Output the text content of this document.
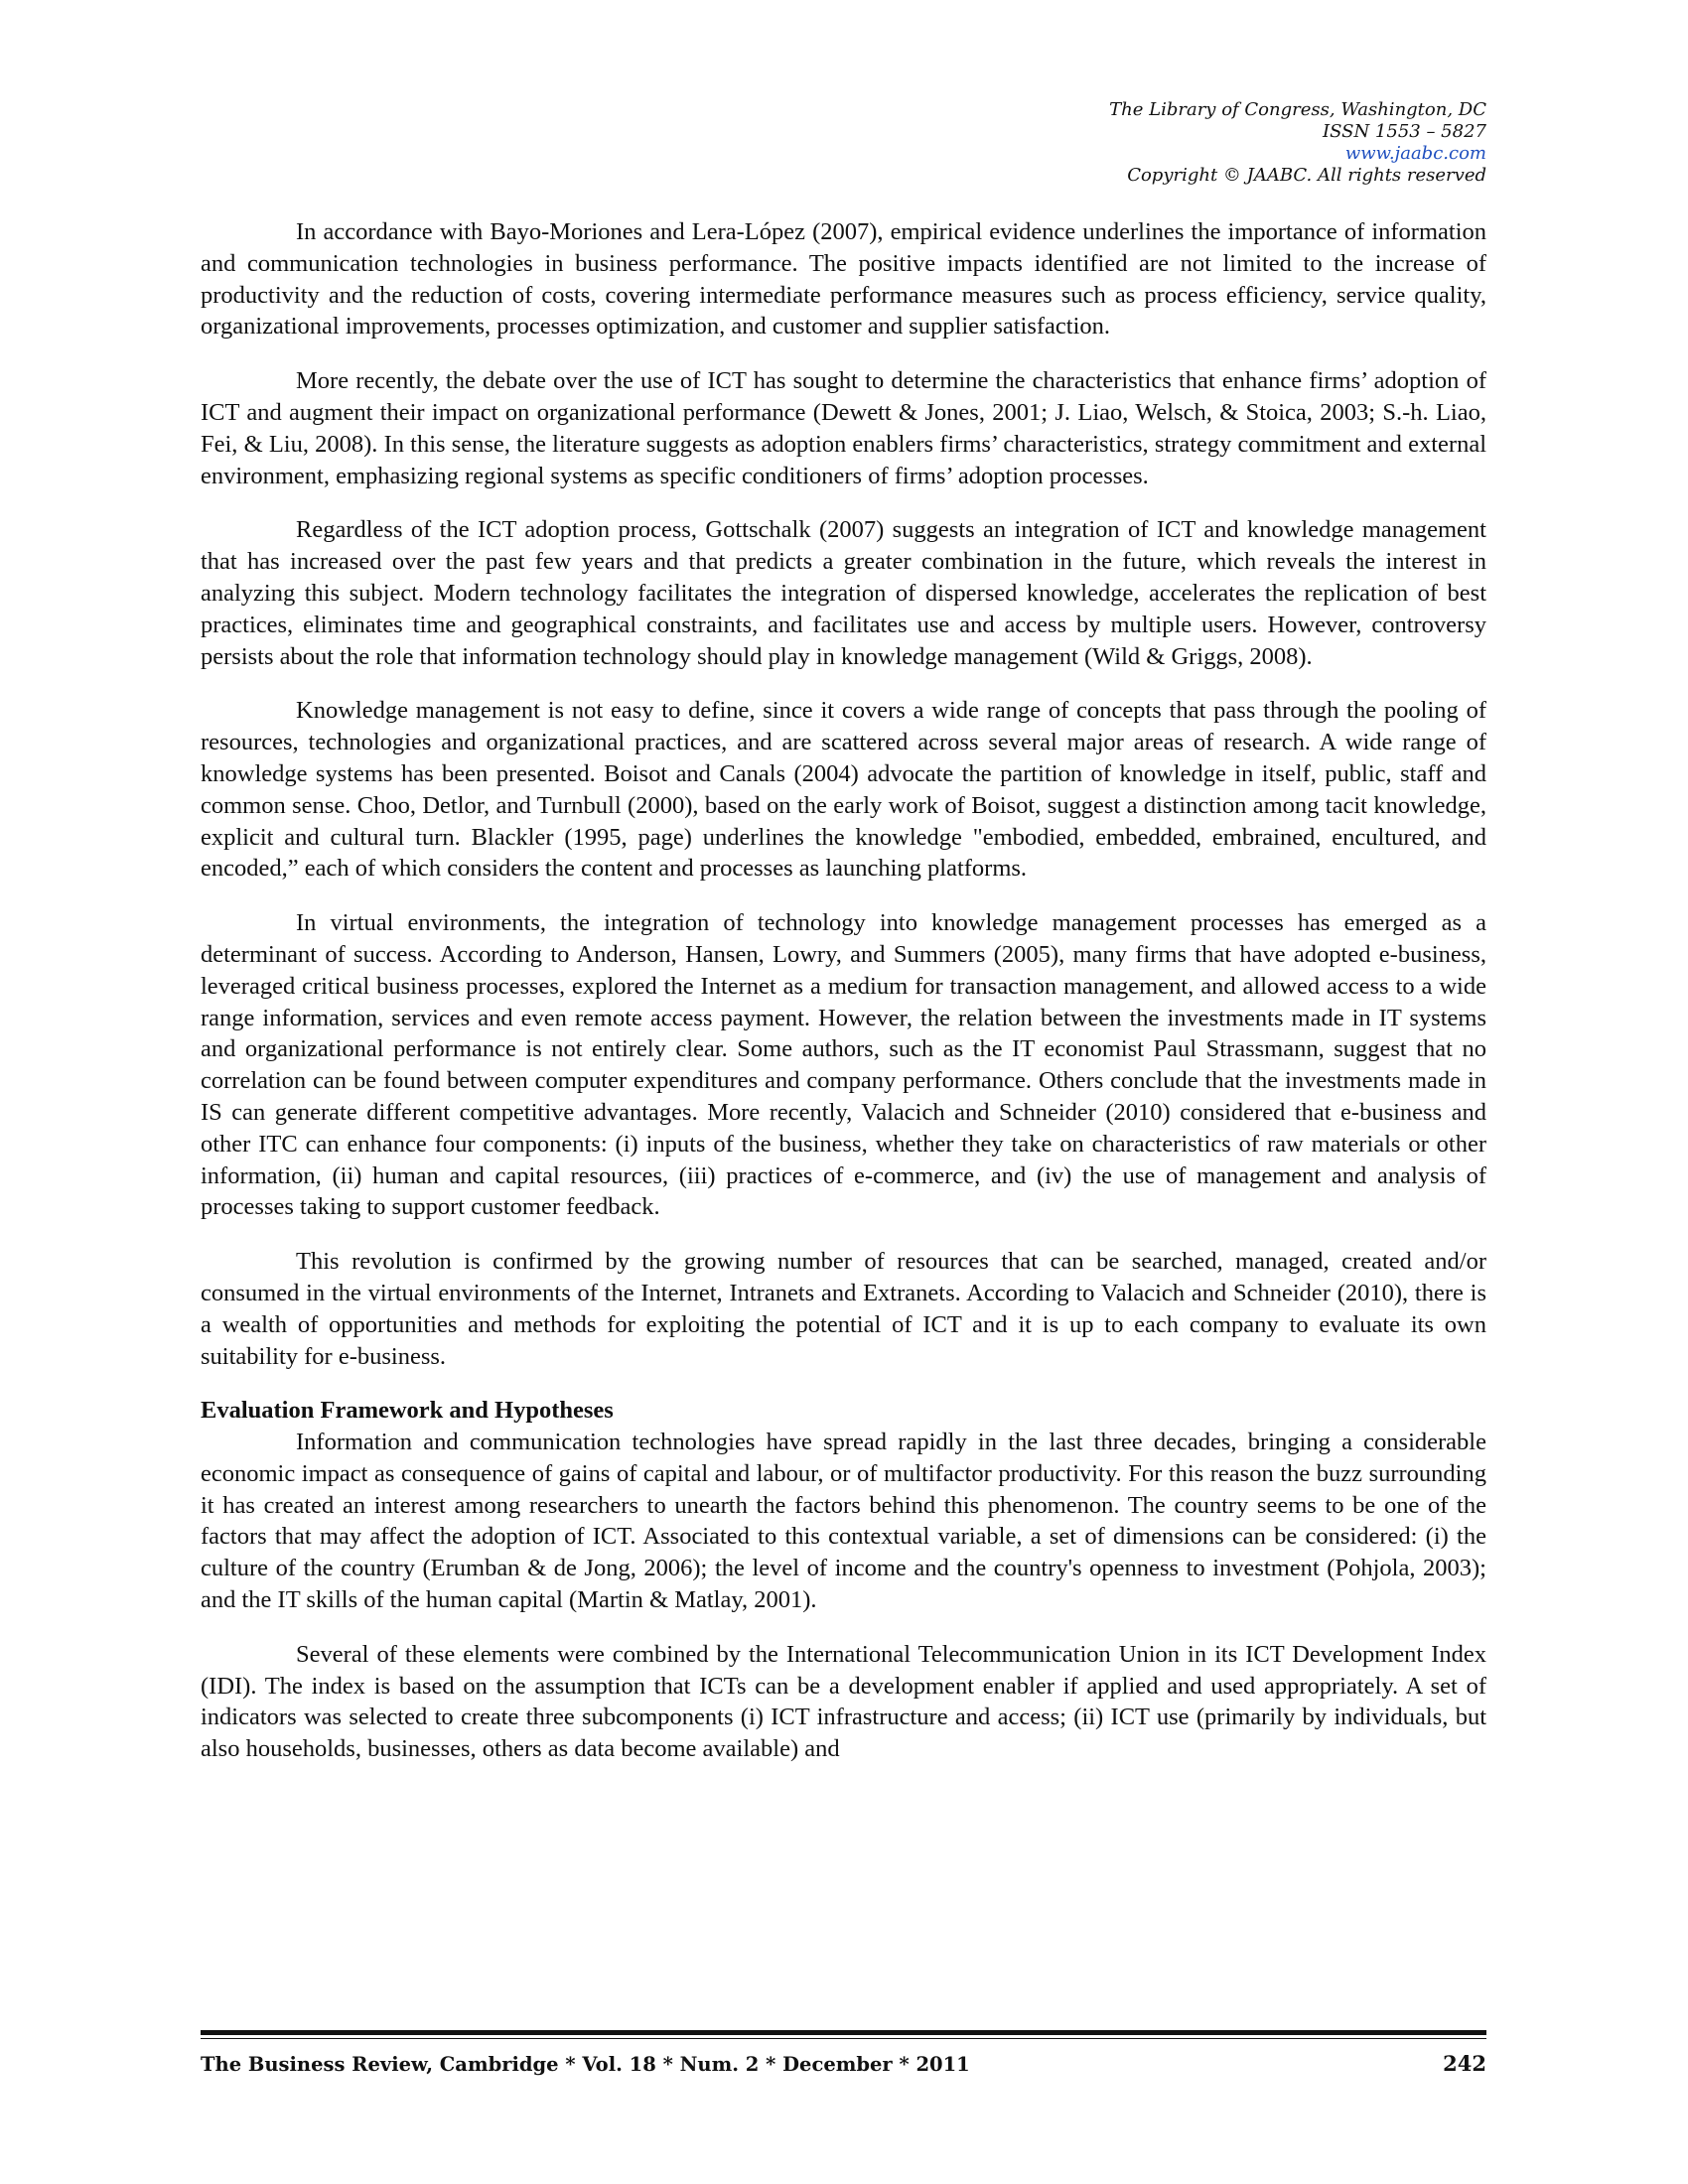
The Library of Congress, Washington, DC
ISSN 1553 – 5827
www.jaabc.com
Copyright © JAABC. All rights reserved

In accordance with Bayo-Moriones and Lera-López (2007), empirical evidence underlines the importance of information and communication technologies in business performance. The positive impacts identified are not limited to the increase of productivity and the reduction of costs, covering intermediate performance measures such as process efficiency, service quality, organizational improvements, processes optimization, and customer and supplier satisfaction.

More recently, the debate over the use of ICT has sought to determine the characteristics that enhance firms’ adoption of ICT and augment their impact on organizational performance (Dewett & Jones, 2001; J. Liao, Welsch, & Stoica, 2003; S.-h. Liao, Fei, & Liu, 2008). In this sense, the literature suggests as adoption enablers firms’ characteristics, strategy commitment and external environment, emphasizing regional systems as specific conditioners of firms’ adoption processes.

Regardless of the ICT adoption process, Gottschalk (2007) suggests an integration of ICT and knowledge management that has increased over the past few years and that predicts a greater combination in the future, which reveals the interest in analyzing this subject. Modern technology facilitates the integration of dispersed knowledge, accelerates the replication of best practices, eliminates time and geographical constraints, and facilitates use and access by multiple users. However, controversy persists about the role that information technology should play in knowledge management (Wild & Griggs, 2008).

Knowledge management is not easy to define, since it covers a wide range of concepts that pass through the pooling of resources, technologies and organizational practices, and are scattered across several major areas of research. A wide range of knowledge systems has been presented. Boisot and Canals (2004) advocate the partition of knowledge in itself, public, staff and common sense. Choo, Detlor, and Turnbull (2000), based on the early work of Boisot, suggest a distinction among tacit knowledge, explicit and cultural turn. Blackler (1995, page) underlines the knowledge "embodied, embedded, embrained, encultured, and encoded,” each of which considers the content and processes as launching platforms.

In virtual environments, the integration of technology into knowledge management processes has emerged as a determinant of success. According to Anderson, Hansen, Lowry, and Summers (2005), many firms that have adopted e-business, leveraged critical business processes, explored the Internet as a medium for transaction management, and allowed access to a wide range information, services and even remote access payment. However, the relation between the investments made in IT systems and organizational performance is not entirely clear. Some authors, such as the IT economist Paul Strassmann, suggest that no correlation can be found between computer expenditures and company performance. Others conclude that the investments made in IS can generate different competitive advantages. More recently, Valacich and Schneider (2010) considered that e-business and other ITC can enhance four components: (i) inputs of the business, whether they take on characteristics of raw materials or other information, (ii) human and capital resources, (iii) practices of e-commerce, and (iv) the use of management and analysis of processes taking to support customer feedback.

This revolution is confirmed by the growing number of resources that can be searched, managed, created and/or consumed in the virtual environments of the Internet, Intranets and Extranets. According to Valacich and Schneider (2010), there is a wealth of opportunities and methods for exploiting the potential of ICT and it is up to each company to evaluate its own suitability for e-business.

Evaluation Framework and Hypotheses

Information and communication technologies have spread rapidly in the last three decades, bringing a considerable economic impact as consequence of gains of capital and labour, or of multifactor productivity. For this reason the buzz surrounding it has created an interest among researchers to unearth the factors behind this phenomenon. The country seems to be one of the factors that may affect the adoption of ICT. Associated to this contextual variable, a set of dimensions can be considered: (i) the culture of the country (Erumban & de Jong, 2006); the level of income and the country's openness to investment (Pohjola, 2003); and the IT skills of the human capital (Martin & Matlay, 2001).

Several of these elements were combined by the International Telecommunication Union in its ICT Development Index (IDI). The index is based on the assumption that ICTs can be a development enabler if applied and used appropriately. A set of indicators was selected to create three subcomponents (i) ICT infrastructure and access; (ii) ICT use (primarily by individuals, but also households, businesses, others as data become available) and

The Business Review, Cambridge * Vol. 18 * Num. 2 * December * 2011	242
